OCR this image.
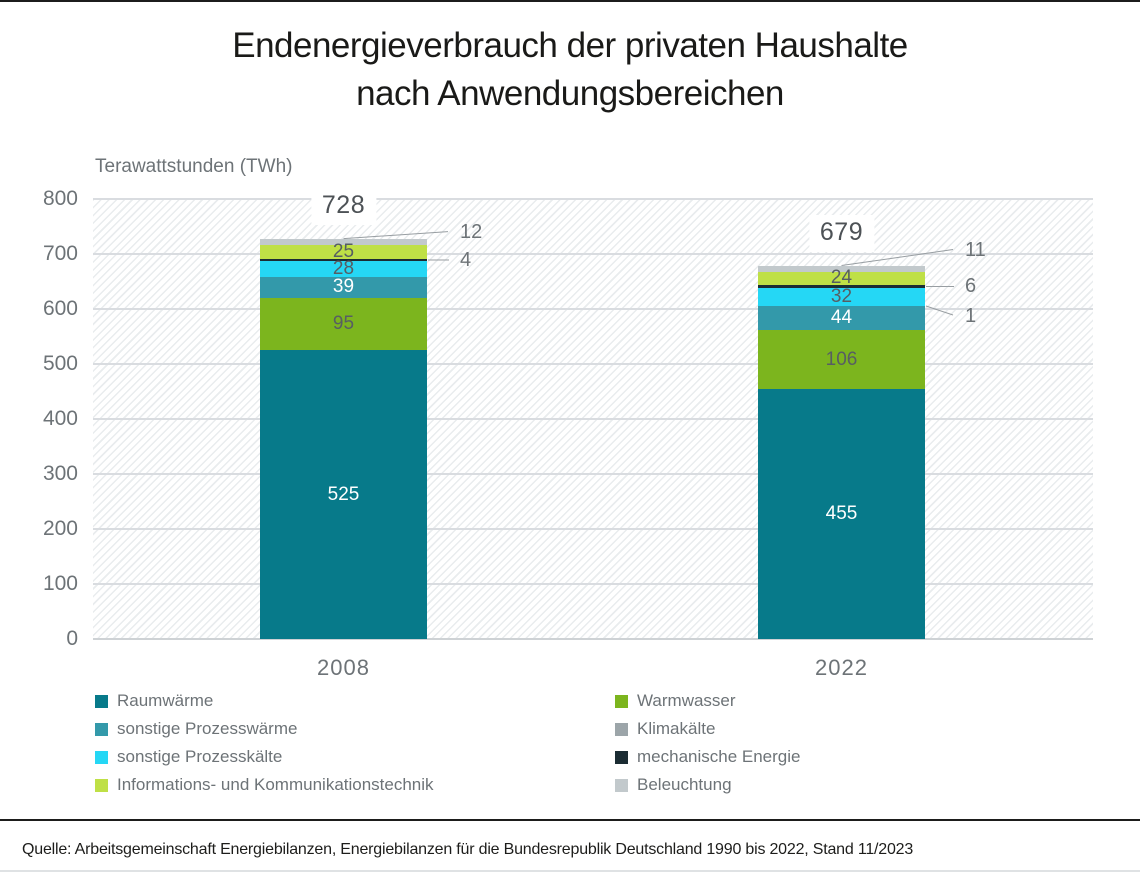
Endenergieverbrauch der privaten Haushalte
nach Anwendungsbereichen
Terawattstunden (TWh)
0
100
200
300
400
500
600
700
800
525
95
39
28
25	4
12
728
455
106
44
32
24
1
6
11
679
2008	2022
Raumwärme	Warmwasser
sonstige Prozesswärme	Klimakälte
sonstige Prozesskälte	mechanische Energie
Informations- und Kommunikationstechnik	Beleuchtung
Quelle: Arbeitsgemeinschaft Energiebilanzen, Energiebilanzen für die Bundesrepublik Deutschland 1990 bis 2022, Stand 11/2023
